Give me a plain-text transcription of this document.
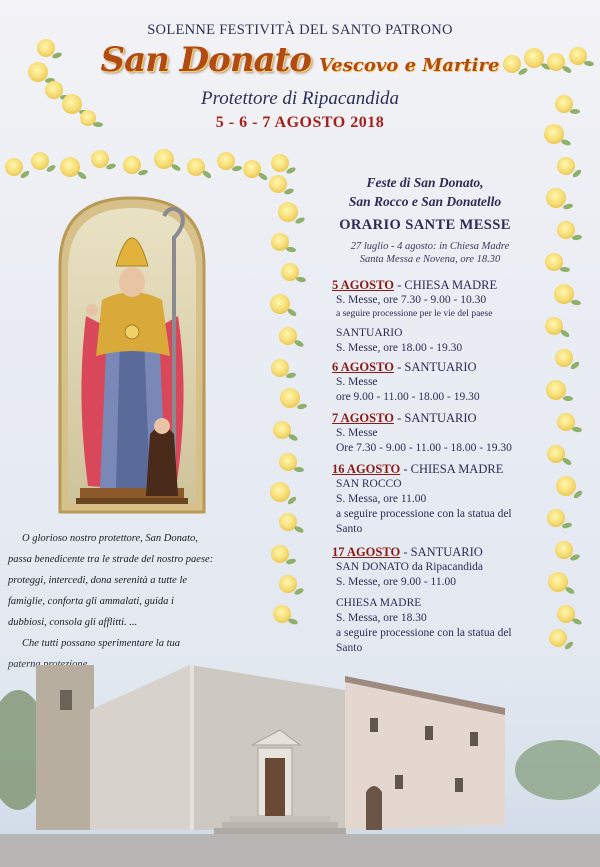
SOLENNE FESTIVITÀ DEL SANTO PATRONO
San Donato Vescovo e Martire
Protettore di Ripacandida
5 - 6 - 7 AGOSTO 2018
Feste di San Donato,
San Rocco e San Donatello
ORARIO SANTE MESSE
27 luglio - 4 agosto: in Chiesa Madre
Santa Messa e Novena, ore 18.30
5 AGOSTO - CHIESA MADRE
S. Messe, ore 7.30 - 9.00 - 10.30
a seguire processione per le vie del paese
SANTUARIO
S. Messe, ore 18.00 - 19.30
6 AGOSTO - SANTUARIO
S. Messe
ore 9.00 - 11.00 - 18.00 - 19.30
7 AGOSTO - SANTUARIO
S. Messe
Ore 7.30 - 9.00 - 11.00 - 18.00 - 19.30
16 AGOSTO - CHIESA MADRE
SAN ROCCO
S. Messa, ore 11.00
a seguire processione con la statua del
Santo
17 AGOSTO - SANTUARIO
SAN DONATO da Ripacandida
S. Messe, ore 9.00 - 11.00
CHIESA MADRE
S. Messa, ore 18.30
a seguire processione con la statua del
O glorioso nostro protettore, San Donato,
passa benedicente tra le strade del nostro paese:
proteggi, intercedi, dona serenità a tutte le
famiglie, conforta gli ammalati, guida i
dubbiosi, consola gli afflitti. ...
